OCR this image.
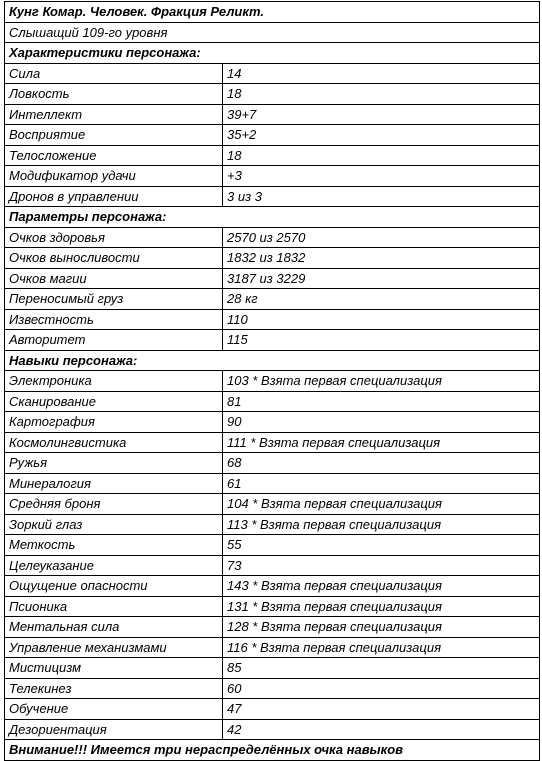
Кунг Комар. Человек. Фракция Реликт.	
Слышащий 109-го уровня	
Характеристики персонажа:	
Сила	14
Ловкость	18
Интеллект	39+7
Восприятие	35+2
Телосложение	18
Модификатор удачи	+3
Дронов в управлении	3 из 3
Параметры персонажа:	
Очков здоровья	2570 из 2570
Очков выносливости	1832 из 1832
Очков магии	3187 из 3229
Переносимый груз	28 кг
Известность	110
Авторитет	115
Навыки персонажа:	
Электроника	103 * Взята первая специализация
Сканирование	81
Картография	90
Космолингвистика	111 * Взята первая специализация
Ружья	68
Минералогия	61
Средняя броня	104 * Взята первая специализация
Зоркий глаз	113 * Взята первая специализация
Меткость	55
Целеуказание	73
Ощущение опасности	143 * Взята первая специализация
Псионика	131 * Взята первая специализация
Ментальная сила	128 * Взята первая специализация
Управление механизмами	116 * Взята первая специализация
Мистицизм	85
Телекинез	60
Обучение	47
Дезориентация	42
Внимание!!! Имеется три нераспределённых очка навыков	
